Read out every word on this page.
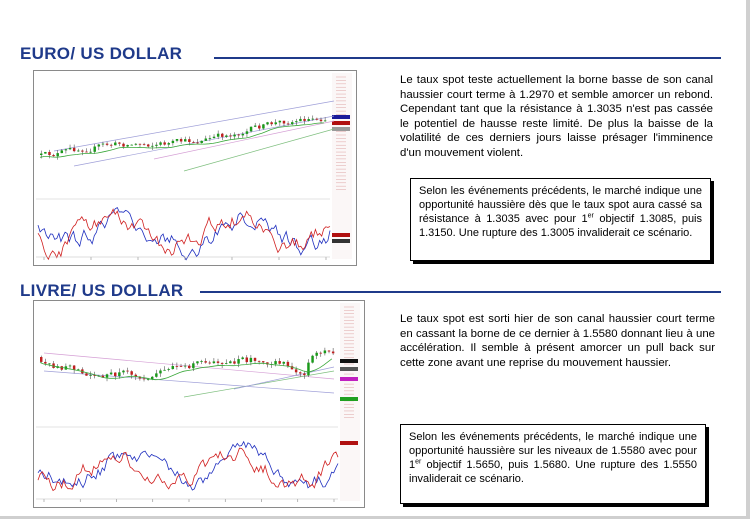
EURO/ US DOLLAR
Le taux spot teste actuellement la borne basse de son canal haussier court terme à 1.2970 et semble amorcer un rebond. Cependant tant que la résistance à 1.3035 n'est pas cassée le potentiel de hausse reste limité. De plus la baisse de la volatilité de ces derniers jours laisse présager l'imminence d'un mouvement violent.
Selon les événements précédents, le marché indique une opportunité haussière dès que le taux spot aura cassé sa résistance à 1.3035 avec pour 1er objectif 1.3085, puis 1.3150. Une rupture des 1.3005 invaliderait ce scénario.
LIVRE/ US DOLLAR
Le taux spot est sorti hier de son canal haussier court terme en cassant la borne de ce dernier à 1.5580 donnant lieu à une accélération. Il semble à présent amorcer un pull back sur cette zone avant une reprise du mouvement haussier.
Selon les événements précédents, le marché indique une opportunité haussière sur les niveaux de 1.5580 avec pour 1er objectif 1.5650, puis 1.5680. Une rupture des 1.5550 invaliderait ce scénario.
